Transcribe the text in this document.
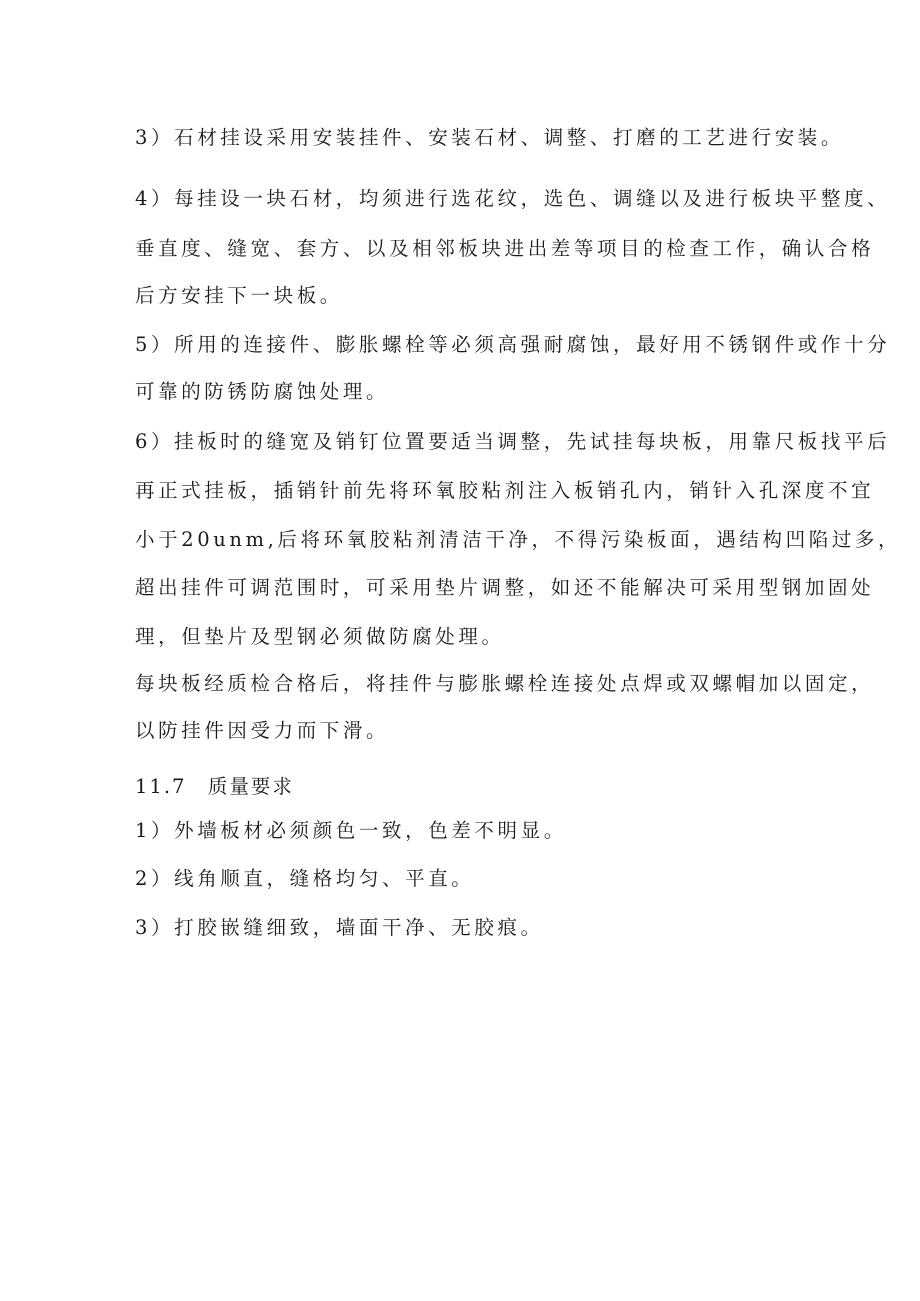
3）石材挂设采用安装挂件、安装石材、调整、打磨的工艺进行安装。

4）每挂设一块石材，均须进行选花纹，选色、调缝以及进行板块平整度、

垂直度、缝宽、套方、以及相邻板块进出差等项目的检查工作，确认合格

后方安挂下一块板。

5）所用的连接件、膨胀螺栓等必须高强耐腐蚀，最好用不锈钢件或作十分

可靠的防锈防腐蚀处理。

6）挂板时的缝宽及销钉位置要适当调整，先试挂每块板，用靠尺板找平后

再正式挂板，插销针前先将环氧胶粘剂注入板销孔内，销针入孔深度不宜

小于20unm,后将环氧胶粘剂清洁干净，不得污染板面，遇结构凹陷过多，

超出挂件可调范围时，可采用垫片调整，如还不能解决可采用型钢加固处

理，但垫片及型钢必须做防腐处理。

每块板经质检合格后，将挂件与膨胀螺栓连接处点焊或双螺帽加以固定，

以防挂件因受力而下滑。

11.7　质量要求

1）外墙板材必须颜色一致，色差不明显。

2）线角顺直，缝格均匀、平直。

3）打胶嵌缝细致，墙面干净、无胶痕。
